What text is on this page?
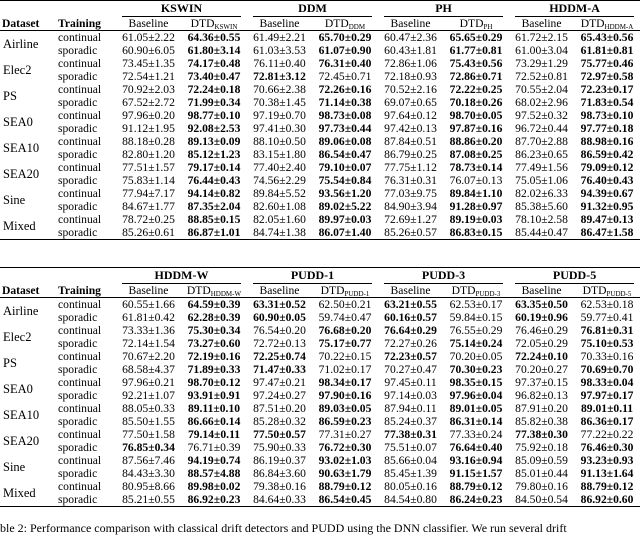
Dataset	Training	KSWIN		DDM		PH		HDDM-A	

		Baseline	$DTD_{KSWIN}$	Baseline	$DTD_{DDM}$	Baseline	$DTD_{PH}$	Baseline	$DTD_{HDDM-A}$
Airline	continual	61.05±2.22	64.36±0.55	61.49±2.21	65.70±0.29	60.47±2.36	65.65±0.29	61.72±2.15	65.43±0.56
	sporadic	60.90±6.05	61.80±3.14	61.03±3.53	61.07±0.90	60.43±1.81	61.77±0.81	61.00±3.04	61.81±0.81
Elec2	continual	73.45±1.35	74.17±0.48	76.11±0.40	76.31±0.40	72.86±1.06	75.43±0.56	73.29±1.29	75.77±0.46
	sporadic	72.54±1.21	73.40±0.47	72.81±3.12	72.45±0.71	72.18±0.93	72.86±0.71	72.52±0.81	72.97±0.58
PS	continual	70.92±2.03	72.24±0.18	70.66±2.38	72.26±0.16	70.52±2.16	72.22±0.25	70.55±2.04	72.23±0.17
	sporadic	67.52±2.72	71.99±0.34	70.38±1.45	71.14±0.38	69.07±0.65	70.18±0.26	68.02±2.96	71.83±0.54
SEA0	continual	97.96±0.20	98.77±0.10	97.19±0.70	98.73±0.08	97.64±0.12	98.70±0.05	97.52±0.32	98.73±0.10
	sporadic	91.12±1.95	92.08±2.53	97.41±0.30	97.73±0.44	97.42±0.13	97.87±0.16	96.72±0.44	97.77±0.18
SEA10	continual	88.18±0.28	89.13±0.09	88.10±0.50	89.06±0.08	87.84±0.51	88.86±0.20	87.70±2.88	88.98±0.16
	sporadic	82.80±1.20	85.12±1.23	83.15±1.80	86.54±0.47	86.79±0.25	87.08±0.25	86.23±0.65	86.59±0.42
SEA20	continual	77.51±1.57	79.17±0.14	77.40±2.40	79.10±0.07	77.75±1.12	78.73±0.14	77.49±1.56	79.09±0.12
	sporadic	75.83±1.14	76.44±0.43	74.56±2.29	75.54±0.84	76.31±0.31	76.07±0.13	75.05±1.06	76.40±0.43
Sine	continual	77.94±7.17	94.14±0.82	89.84±5.52	93.56±1.20	77.03±9.75	89.84±1.10	82.02±6.33	94.39±0.67
	sporadic	84.67±1.77	87.35±2.04	82.60±1.08	89.02±5.22	84.90±3.94	91.28±0.97	85.38±5.60	91.32±0.95
Mixed	continual	78.72±0.25	88.85±0.15	82.05±1.60	89.97±0.03	72.69±1.27	89.19±0.03	78.10±2.58	89.47±0.13
	sporadic	85.26±0.61	86.87±1.01	84.74±1.38	86.07±1.40	85.26±0.57	86.83±0.15	85.44±0.47	86.47±1.58
Dataset	Training	HDDM-W		PUDD-1		PUDD-3		PUDD-5	

		Baseline	$DTD_{HDDM-W}$	Baseline	$DTD_{PUDD-1}$	Baseline	$DTD_{PUDD-3}$	Baseline	$DTD_{PUDD-5}$
Airline	continual	60.55±1.66	64.59±0.39	63.31±0.52	62.50±0.21	63.21±0.55	62.53±0.17	63.35±0.50	62.53±0.18
	sporadic	61.81±0.42	62.28±0.39	60.90±0.05	59.74±0.47	60.16±0.57	59.84±0.15	60.19±0.96	59.77±0.41
Elec2	continual	73.33±1.36	75.30±0.34	76.54±0.20	76.68±0.20	76.64±0.29	76.55±0.29	76.46±0.29	76.81±0.31
	sporadic	72.14±1.54	73.27±0.60	72.72±0.13	75.17±0.77	72.27±0.26	75.14±0.24	72.05±0.29	75.10±0.53
PS	continual	70.67±2.20	72.19±0.16	72.25±0.74	70.22±0.15	72.23±0.57	70.20±0.05	72.24±0.10	70.33±0.16
	sporadic	68.58±4.37	71.89±0.33	71.47±0.33	71.02±0.17	70.27±0.47	70.30±0.23	70.20±0.27	70.69±0.70
SEA0	continual	97.96±0.21	98.70±0.12	97.47±0.21	98.34±0.17	97.45±0.11	98.35±0.15	97.37±0.15	98.33±0.04
	sporadic	92.21±1.07	93.91±0.91	97.24±0.27	97.90±0.16	97.14±0.03	97.96±0.04	96.82±0.13	97.97±0.17
SEA10	continual	88.05±0.33	89.11±0.10	87.51±0.20	89.03±0.05	87.94±0.11	89.01±0.05	87.91±0.20	89.01±0.11
	sporadic	85.50±1.55	86.66±0.14	85.28±0.32	86.59±0.23	85.24±0.37	86.31±0.14	85.82±0.38	86.36±0.17
SEA20	continual	77.50±1.58	79.14±0.11	77.50±0.57	77.31±0.27	77.38±0.31	77.33±0.24	77.38±0.30	77.22±0.22
	sporadic	76.85±0.34	76.71±0.39	75.90±0.33	76.72±0.30	75.51±0.07	76.64±0.40	75.92±0.18	76.46±0.30
Sine	continual	87.56±7.46	94.19±0.74	86.19±0.37	93.02±1.03	85.66±0.04	93.16±0.94	85.09±0.59	93.23±0.93
	sporadic	84.43±3.30	88.57±4.88	86.84±3.60	90.63±1.79	85.45±1.39	91.15±1.57	85.01±0.44	91.13±1.64
Mixed	continual	80.95±8.66	89.98±0.02	79.38±0.16	88.79±0.12	80.05±0.16	88.79±0.12	79.80±0.16	88.79±0.12
	sporadic	85.21±0.55	86.92±0.23	84.64±0.33	86.54±0.45	84.54±0.80	86.24±0.23	84.50±0.54	86.92±0.60
ble 2: Performance comparison with classical drift detectors and PUDD using the DNN classifier. We run several drift
